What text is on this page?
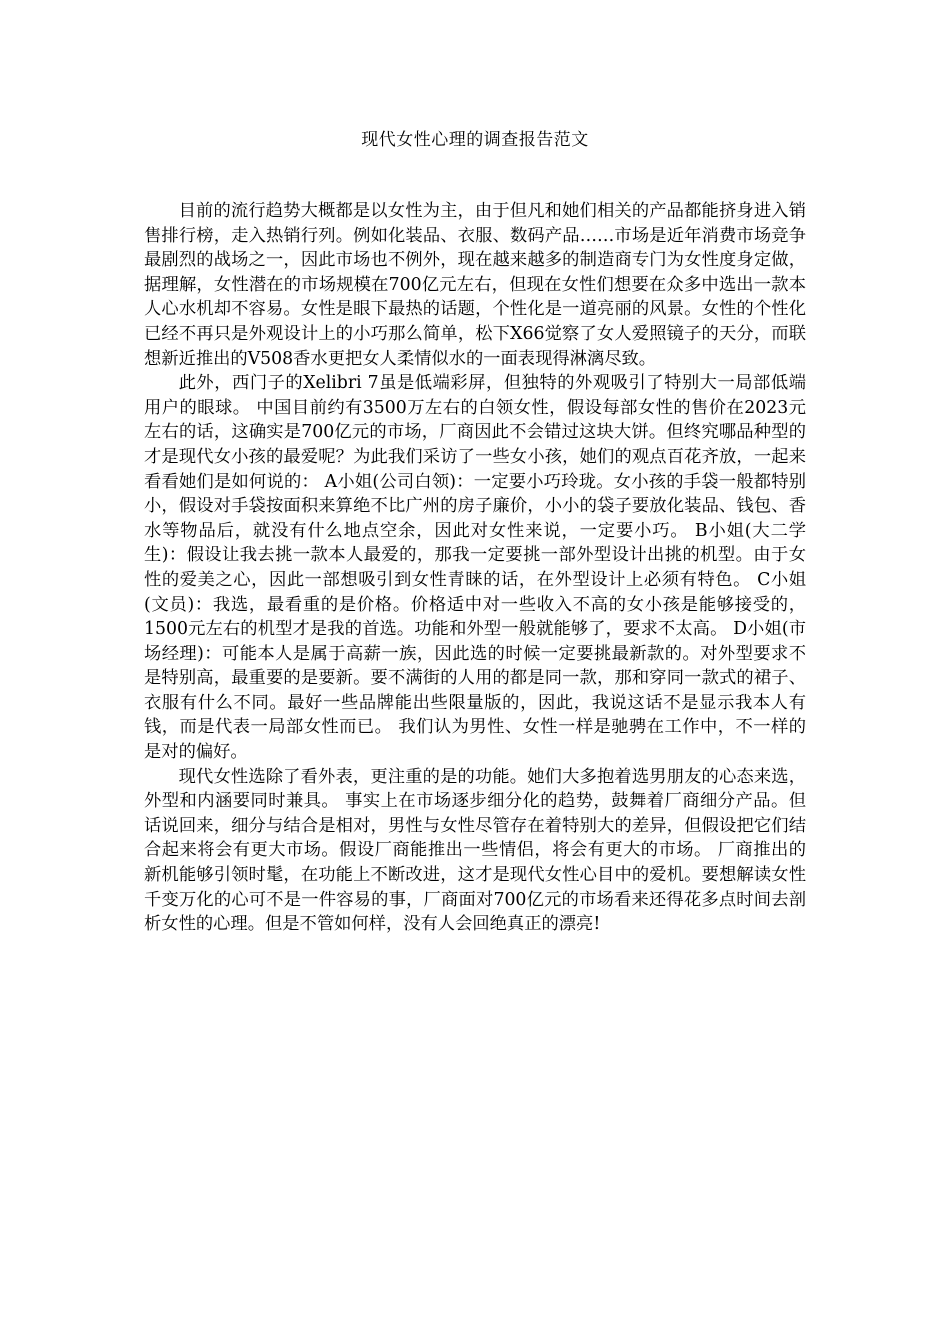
现代女性心理的调查报告范文

目前的流行趋势大概都是以女性为主，由于但凡和她们相关的产品都能挤身进入销售排行榜，走入热销行列。例如化装品、衣服、数码产品……市场是近年消费市场竞争最剧烈的战场之一，因此市场也不例外，现在越来越多的制造商专门为女性度身定做，据理解，女性潜在的市场规模在700亿元左右，但现在女性们想要在众多中选出一款本人心水机却不容易。女性是眼下最热的话题，个性化是一道亮丽的风景。女性的个性化已经不再只是外观设计上的小巧那么简单，松下X66觉察了女人爱照镜子的天分，而联想新近推出的V508香水更把女人柔情似水的一面表现得淋漓尽致。

此外，西门子的Xelibri 7虽是低端彩屏，但独特的外观吸引了特别大一局部低端用户的眼球。 中国目前约有3500万左右的白领女性，假设每部女性的售价在2023元左右的话，这确实是700亿元的市场，厂商因此不会错过这块大饼。但终究哪品种型的才是现代女小孩的最爱呢？为此我们采访了一些女小孩，她们的观点百花齐放，一起来看看她们是如何说的： A小姐(公司白领)：一定要小巧玲珑。女小孩的手袋一般都特别小，假设对手袋按面积来算绝不比广州的房子廉价，小小的袋子要放化装品、钱包、香水等物品后，就没有什么地点空余，因此对女性来说，一定要小巧。 B小姐(大二学生)：假设让我去挑一款本人最爱的，那我一定要挑一部外型设计出挑的机型。由于女性的爱美之心，因此一部想吸引到女性青睐的话，在外型设计上必须有特色。 C小姐(文员)：我选，最看重的是价格。价格适中对一些收入不高的女小孩是能够接受的，1500元左右的机型才是我的首选。功能和外型一般就能够了，要求不太高。 D小姐(市场经理)：可能本人是属于高薪一族，因此选的时候一定要挑最新款的。对外型要求不是特别高，最重要的是要新。要不满街的人用的都是同一款，那和穿同一款式的裙子、衣服有什么不同。最好一些品牌能出些限量版的，因此，我说这话不是显示我本人有钱，而是代表一局部女性而已。 我们认为男性、女性一样是驰骋在工作中，不一样的是对的偏好。

现代女性选除了看外表，更注重的是的功能。她们大多抱着选男朋友的心态来选，外型和内涵要同时兼具。 事实上在市场逐步细分化的趋势，鼓舞着厂商细分产品。但话说回来，细分与结合是相对，男性与女性尽管存在着特别大的差异，但假设把它们结合起来将会有更大市场。假设厂商能推出一些情侣，将会有更大的市场。 厂商推出的新机能够引领时髦，在功能上不断改进，这才是现代女性心目中的爱机。要想解读女性千变万化的心可不是一件容易的事，厂商面对700亿元的市场看来还得花多点时间去剖析女性的心理。但是不管如何样，没有人会回绝真正的漂亮!
